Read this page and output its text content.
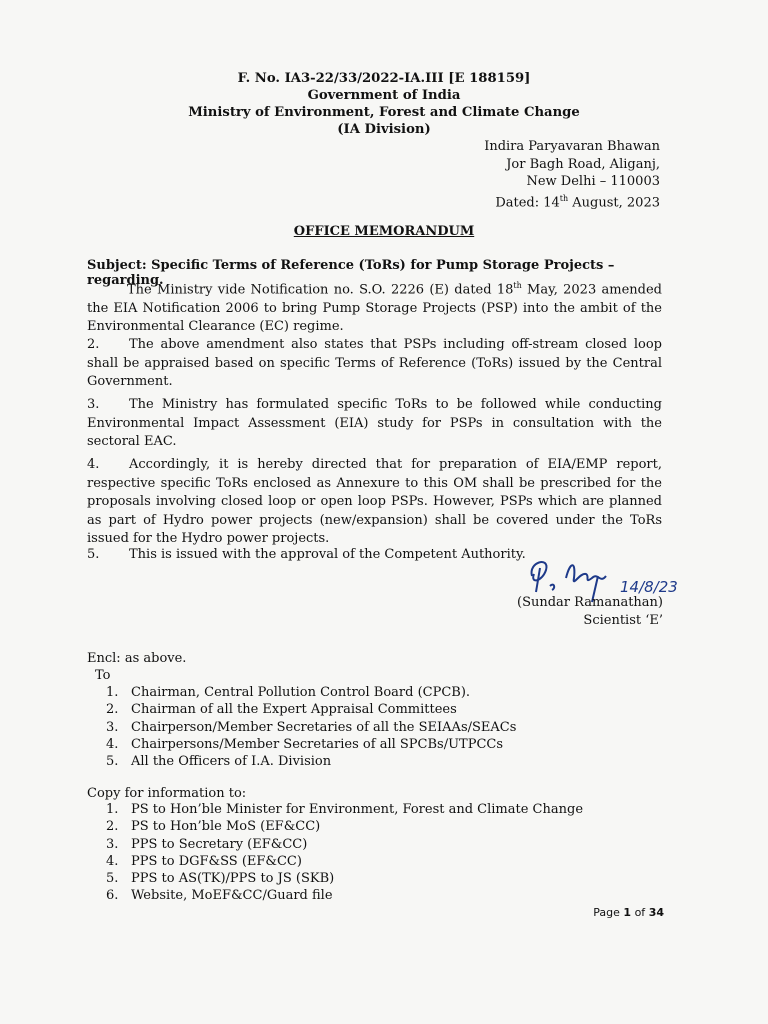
F. No. IA3-22/33/2022-IA.III [E 188159]
Government of India
Ministry of Environment, Forest and Climate Change
(IA Division)
Indira Paryavaran Bhawan
Jor Bagh Road, Aliganj,
New Delhi – 110003
Dated: 14th August, 2023
OFFICE MEMORANDUM
Subject: Specific Terms of Reference (ToRs) for Pump Storage Projects – regarding.
The Ministry vide Notification no. S.O. 2226 (E) dated 18th May, 2023 amended the EIA Notification 2006 to bring Pump Storage Projects (PSP) into the ambit of the Environmental Clearance (EC) regime.
2. The above amendment also states that PSPs including off-stream closed loop shall be appraised based on specific Terms of Reference (ToRs) issued by the Central Government.
3. The Ministry has formulated specific ToRs to be followed while conducting Environmental Impact Assessment (EIA) study for PSPs in consultation with the sectoral EAC.
4. Accordingly, it is hereby directed that for preparation of EIA/EMP report, respective specific ToRs enclosed as Annexure to this OM shall be prescribed for the proposals involving closed loop or open loop PSPs. However, PSPs which are planned as part of Hydro power projects (new/expansion) shall be covered under the ToRs issued for the Hydro power projects.
5. This is issued with the approval of the Competent Authority.
14/8/23
(Sundar Ramanathan)
Scientist ‘E’
Encl: as above.
To
1. Chairman, Central Pollution Control Board (CPCB).
2. Chairman of all the Expert Appraisal Committees
3. Chairperson/Member Secretaries of all the SEIAAs/SEACs
4. Chairpersons/Member Secretaries of all SPCBs/UTPCCs
5. All the Officers of I.A. Division
Copy for information to:
1. PS to Hon’ble Minister for Environment, Forest and Climate Change
2. PS to Hon’ble MoS (EF&CC)
3. PPS to Secretary (EF&CC)
4. PPS to DGF&SS (EF&CC)
5. PPS to AS(TK)/PPS to JS (SKB)
6. Website, MoEF&CC/Guard file
Page 1 of 34
